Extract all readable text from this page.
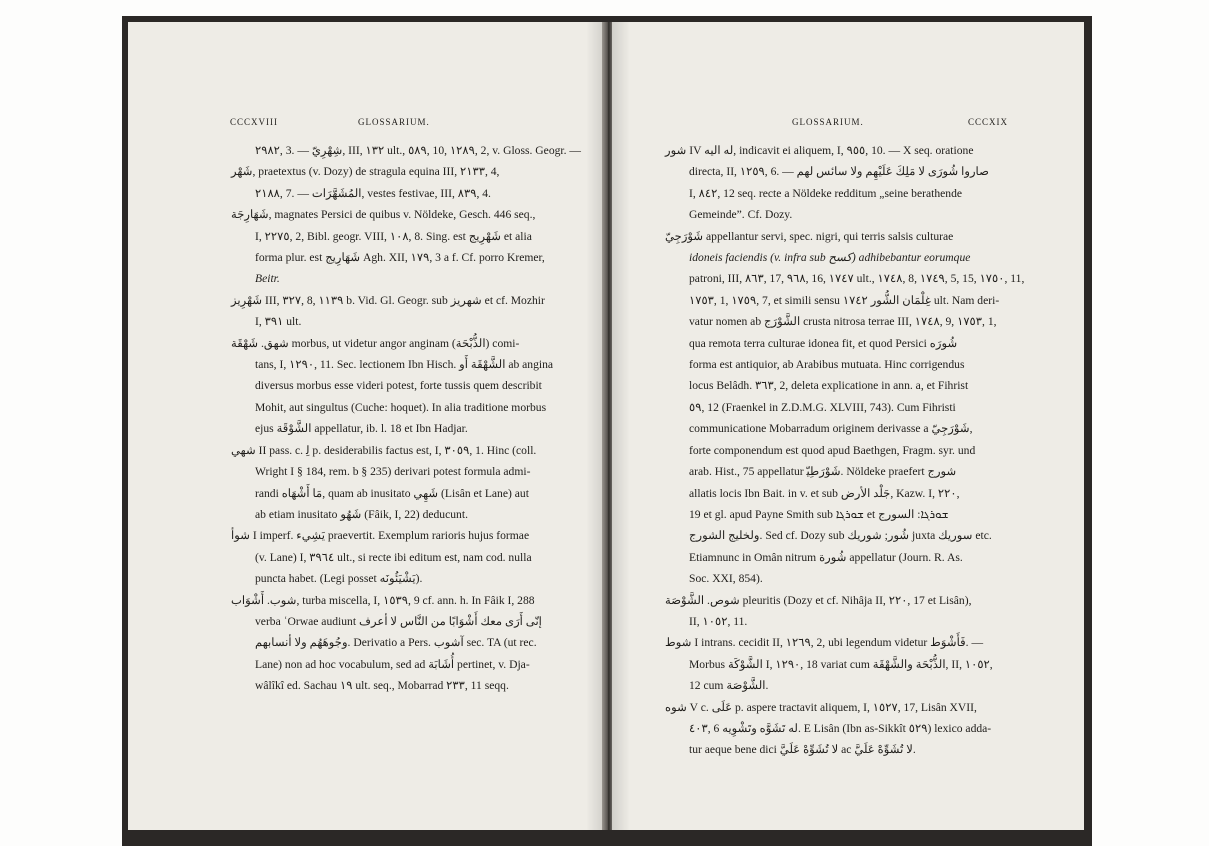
CCCXVIII	GLOSSARIUM.
٢٩٨٢, 3. — ﺷِﻬْﺮِيّ, III, ١٣٢ ult., ٥٨٩, 10, ١٢٨٩, 2, v. Gloss. Geogr. —
ﺷَﻬْﺮ, praetextus (v. Dozy) de stragula equina III, ٢١٣٣, 4,
٢١٨٨, 7. — ﺍﻟﻤُﺸَﻬَّﺮَﺍﺕ, vestes festivae, III, ٨٣٩, 4.
ﺷَﻬَﺎﺭِﺟَﺔ, magnates Persici de quibus v. Nöldeke, Gesch. 446 seq.,
I, ٢٢٧٥, 2, Bibl. geogr. VIII, ١٠٨, 8. Sing. est ﺷَﻬْﺮِﻳﺞ et alia
forma plur. est ﺷَﻬَﺎﺭِﻳﺞ Agh. XII, ١٧٩, 3 a f. Cf. porro Kremer,
Beitr.
ﺷَﻬْﺮِﻳﺰ III, ٣٢٧, 8, ١١٣٩ b. Vid. Gl. Geogr. sub ﺷﻬﺮﻳﺰ et cf. Mozhir
I, ٣٩١ ult.
ﺷﻬﻖ. ﺷَﻬْﻘَﺔ morbus, ut videtur angor anginam (ﺍﻟﺬُّﺑْﺤَﺔ) comi-
tans, I, ١٢٩٠, 11. Sec. lectionem Ibn Hisch. ﺍﻟﺸَّﻬْﻘَﺔ أَﻭ ab angina
diversus morbus esse videri potest, forte tussis quem describit
Mohit, aut singultus (Cuche: hoquet). In alia traditione morbus
ejus ﺍﻟﺸَّﻮْﻗَﺔ appellatur, ib. l. 18 et Ibn Hadjar.
ﺷﻬﻲ II pass. c. ﻟِ p. desiderabilis factus est, I, ٣٠٥٩, 1. Hinc (coll.
Wright I § 184, rem. b § 235) derivari potest formula admi-
randi ﻣَﺎ أَﺷْﻬَﺎﻩ, quam ab inusitato ﺷَﻬِﻲ (Lisân et Lane) aut
ab etiam inusitato ﺷَﻬُﻮ (Fâik, I, 22) deducunt.
ﺷﻮﺃ I imperf. ﻳَﺸِﻲء praevertit. Exemplum rarioris hujus formae
(v. Lane) I, ٣٩٦٤ ult., si recte ibi editum est, nam cod. nulla
puncta habet. (Legi posset ﻳَﺸْﻴَﺌُﻮﻧَﻪ).
ﺷﻮﺏ. أَﺷْﻮَﺍﺏ, turba miscella, I, ١٥٣٩, 9 cf. ann. h. In Fâik I, 288
verba ʿOrwae audiunt ﺇﻧّﻰ أَﺭَﻯ ﻣﻌﻚ ﺃَﺷْﻮَﺍﺑًﺎ ﻣﻦ ﺍﻟﻨَّﺎﺱ ﻻ ﺃﻋﺮﻑ
ﻭﺟُﻮﻫَﻬُﻢ ﻭﻻ ﺃﻧﺴﺎﺑﻬﻢ. Derivatio a Pers. ﺁﺷﻮﺏ sec. TA (ut rec.
Lane) non ad hoc vocabulum, sed ad ﺃُﺷَﺎﺑَﺔ pertinet, v. Dja-
wâlîkî ed. Sachau ١٩ ult. seq., Mobarrad ٢٣٣, 11 seqq.
GLOSSARIUM.	CCCXIX
ﺷﻮﺭ IV ﻟﻪ ﺍﻟﻴﻪ, indicavit ei aliquem, I, ٩٥٥, 10. — X seq. oratione
directa, II, ١٢٥٩, 6. — ﺻﺎﺭﻭﺍ ﺷُﻮﺭَﻯ ﻻ ﻣَﻠِﻚَ ﻋَﻠَﻴْﻬِﻢ ﻭﻻ ﺳﺎﺋﺲ ﻟﻬﻢ
I, ٨٤٢, 12 seq. recte a Nöldeke redditum „seine berathende
Gemeinde”. Cf. Dozy.
ﺷَﻮْﺭَﺟِﻲّ appellantur servi, spec. nigri, qui terris salsis culturae
idoneis faciendis (v. infra sub ﻛﺴﺢ) adhibebantur eorumque
patroni, III, ٨٦٣, 17, ٩٦٨, 16, ١٧٤٧ ult., ١٧٤٨, 8, ١٧٤٩, 5, 15, ١٧٥٠, 11,
١٧٥٣, 1, ١٧٥٩, 7, et simili sensu ﻏِﻠْﻤَﺎﻥ ﺍﻟﺸُّﻮﺭ ١٧٤٢ ult. Nam deri-
vatur nomen ab ﺍﻟﺸَّﻮْﺭَﺝ crusta nitrosa terrae III, ١٧٤٨, 9, ١٧٥٣, 1,
qua remota terra culturae idonea fit, et quod Persici ﺷُﻮﺭَﻩ
forma est antiquior, ab Arabibus mutuata. Hinc corrigendus
locus Belâdh. ٣٦٣, 2, deleta explicatione in ann. a, et Fihrist
٥٩, 12 (Fraenkel in Z.D.M.G. XLVIII, 743). Cum Fihristi
communicatione Mobarradum originem derivasse a ﺷَﻮْﺭَﺟِﻲّ,
forte componendum est quod apud Baethgen, Fragm. syr. und
arab. Hist., 75 appellatur ﺷَﻮْﺭَﻃِﻴّ. Nöldeke praefert ﺷﻮﺭﺝ
allatis locis Ibn Bait. in v. et sub ﺟَﻠْﺪ ﺍﻷﺭﺽ, Kazw. I, ٢٢٠,
19 et gl. apud Payne Smith sub ܫܘܪܓܐ et ܫܘܪܓܐ: ﺍﻟﺴﻮﺭﺝ
ﻭﻟﺨﻠﻴﺞ ﺍﻟﺸﻮﺭﺝ. Sed cf. Dozy sub ﺷُﻮﺭ; ﺷﻮﺭﻳﻚ juxta ﺳﻮﺭﻳﻚ etc.
Etiamnunc in Omân nitrum ﺷُﻮﺭﺓ appellatur (Journ. R. As.
Soc. XXI, 854).
ﺷﻮﺹ. ﺍﻟﺸَّﻮْﺻَﺔ pleuritis (Dozy et cf. Nihâja II, ٢٢٠, 17 et Lisân),
II, ١٠٥٢, 11.
ﺷﻮﻁ I intrans. cecidit II, ١٢٦٩, 2, ubi legendum videtur ﻓَﺄَﺷْﻮَﻁ. —
Morbus ﺍﻟﺸَّﻮْﻛَﺔ I, ١٢٩٠, 18 variat cum ﺍﻟﺬُّﺑْﺤَﺔ ﻭﺍﻟﺸَّﻬْﻘَﺔ, II, ١٠٥٢,
12 cum ﺍﻟﺸَّﻮْﺻَﺔ.
ﺷﻮﻩ V c. ﻋَﻠَﻰ p. aspere tractavit aliquem, I, ١٥٢٧, 17, Lisân XVII,
٤٠٣, 6 ﻟﻪ ﺗَﺸَﻮَّﻩ ﻭﺗَﺸْﻮِﻳﻪ. E Lisân (Ibn as-Sikkît ٥٢٩) lexico adda-
tur aeque bene dici ﻻ ﺗُﺸَﻮِّﻩْ ﻋَﻠَﻲَّ ac ﻻ ﺗُﺸَﻮِّﻩْ ﻋَﻠَﻲَّ.
